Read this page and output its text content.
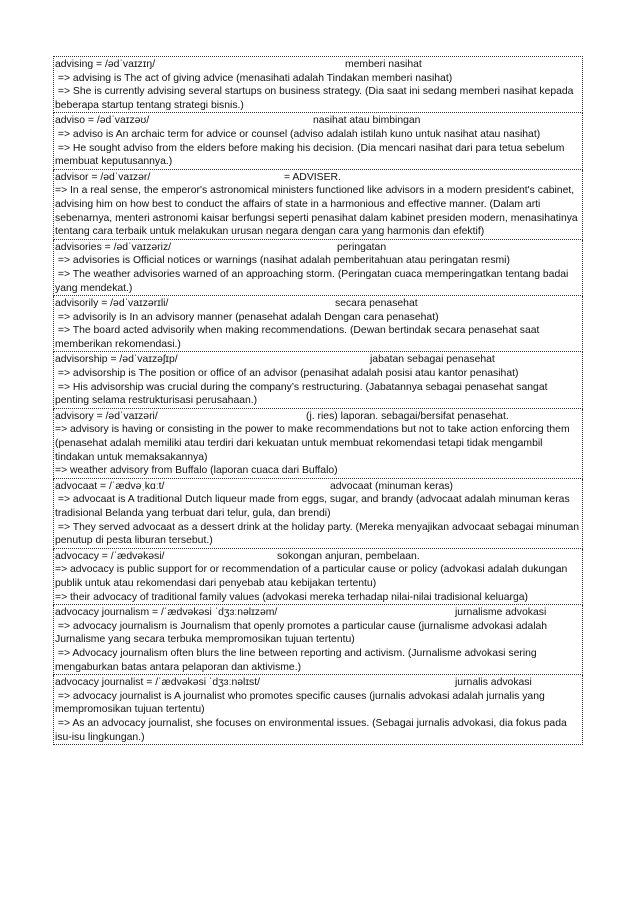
advising = /ədˈvaɪzɪŋ/	memberi nasihat
=> advising is The act of giving advice (menasihati adalah Tindakan memberi nasihat)
=> She is currently advising several startups on business strategy. (Dia saat ini sedang memberi nasihat kepada beberapa startup tentang strategi bisnis.)
adviso = /ədˈvaɪzəʊ/	nasihat atau bimbingan
=> adviso is An archaic term for advice or counsel (adviso adalah istilah kuno untuk nasihat atau nasihat)
=> He sought adviso from the elders before making his decision. (Dia mencari nasihat dari para tetua sebelum membuat keputusannya.)
advisor = /ədˈvaɪzər/	= ADVISER.
=> In a real sense, the emperor's astronomical ministers functioned like advisors in a modern president's cabinet, advising him on how best to conduct the affairs of state in a harmonious and effective manner. (Dalam arti sebenarnya, menteri astronomi kaisar berfungsi seperti penasihat dalam kabinet presiden modern, menasihatinya tentang cara terbaik untuk melakukan urusan negara dengan cara yang harmonis dan efektif)
advisories = /ədˈvaɪzəriz/	peringatan
=> advisories is Official notices or warnings (nasihat adalah pemberitahuan atau peringatan resmi)
=> The weather advisories warned of an approaching storm. (Peringatan cuaca memperingatkan tentang badai yang mendekat.)
advisorily = /ədˈvaɪzərɪli/	secara penasehat
=> advisorily is In an advisory manner (penasehat adalah Dengan cara penasehat)
=> The board acted advisorily when making recommendations. (Dewan bertindak secara penasehat saat memberikan rekomendasi.)
advisorship = /ədˈvaɪzəʃɪp/	jabatan sebagai penasehat
=> advisorship is The position or office of an advisor (penasihat adalah posisi atau kantor penasihat)
=> His advisorship was crucial during the company’s restructuring. (Jabatannya sebagai penasehat sangat penting selama restrukturisasi perusahaan.)
advisory = /ədˈvaɪzəri/	(j. ries) laporan. sebagai/bersifat penasehat.
=> advisory is having or consisting in the power to make recommendations but not to take action enforcing them (penasehat adalah memiliki atau terdiri dari kekuatan untuk membuat rekomendasi tetapi tidak mengambil tindakan untuk memaksakannya)
=> weather advisory from Buffalo (laporan cuaca dari Buffalo)
advocaat = /ˈædvəˌkɑːt/	advocaat (minuman keras)
=> advocaat is A traditional Dutch liqueur made from eggs, sugar, and brandy (advocaat adalah minuman keras tradisional Belanda yang terbuat dari telur, gula, dan brendi)
=> They served advocaat as a dessert drink at the holiday party. (Mereka menyajikan advocaat sebagai minuman penutup di pesta liburan tersebut.)
advocacy = /ˈædvəkəsi/	sokongan anjuran, pembelaan.
=> advocacy is public support for or recommendation of a particular cause or policy (advokasi adalah dukungan publik untuk atau rekomendasi dari penyebab atau kebijakan tertentu)
=> their advocacy of traditional family values (advokasi mereka terhadap nilai-nilai tradisional keluarga)
advocacy journalism = /ˈædvəkəsi ˈdʒɜːnəlɪzəm/	jurnalisme advokasi
=> advocacy journalism is Journalism that openly promotes a particular cause (jurnalisme advokasi adalah Jurnalisme yang secara terbuka mempromosikan tujuan tertentu)
=> Advocacy journalism often blurs the line between reporting and activism. (Jurnalisme advokasi sering mengaburkan batas antara pelaporan dan aktivisme.)
advocacy journalist = /ˈædvəkəsi ˈdʒɜːnəlɪst/	jurnalis advokasi
=> advocacy journalist is A journalist who promotes specific causes (jurnalis advokasi adalah jurnalis yang mempromosikan tujuan tertentu)
=> As an advocacy journalist, she focuses on environmental issues. (Sebagai jurnalis advokasi, dia fokus pada isu-isu lingkungan.)
